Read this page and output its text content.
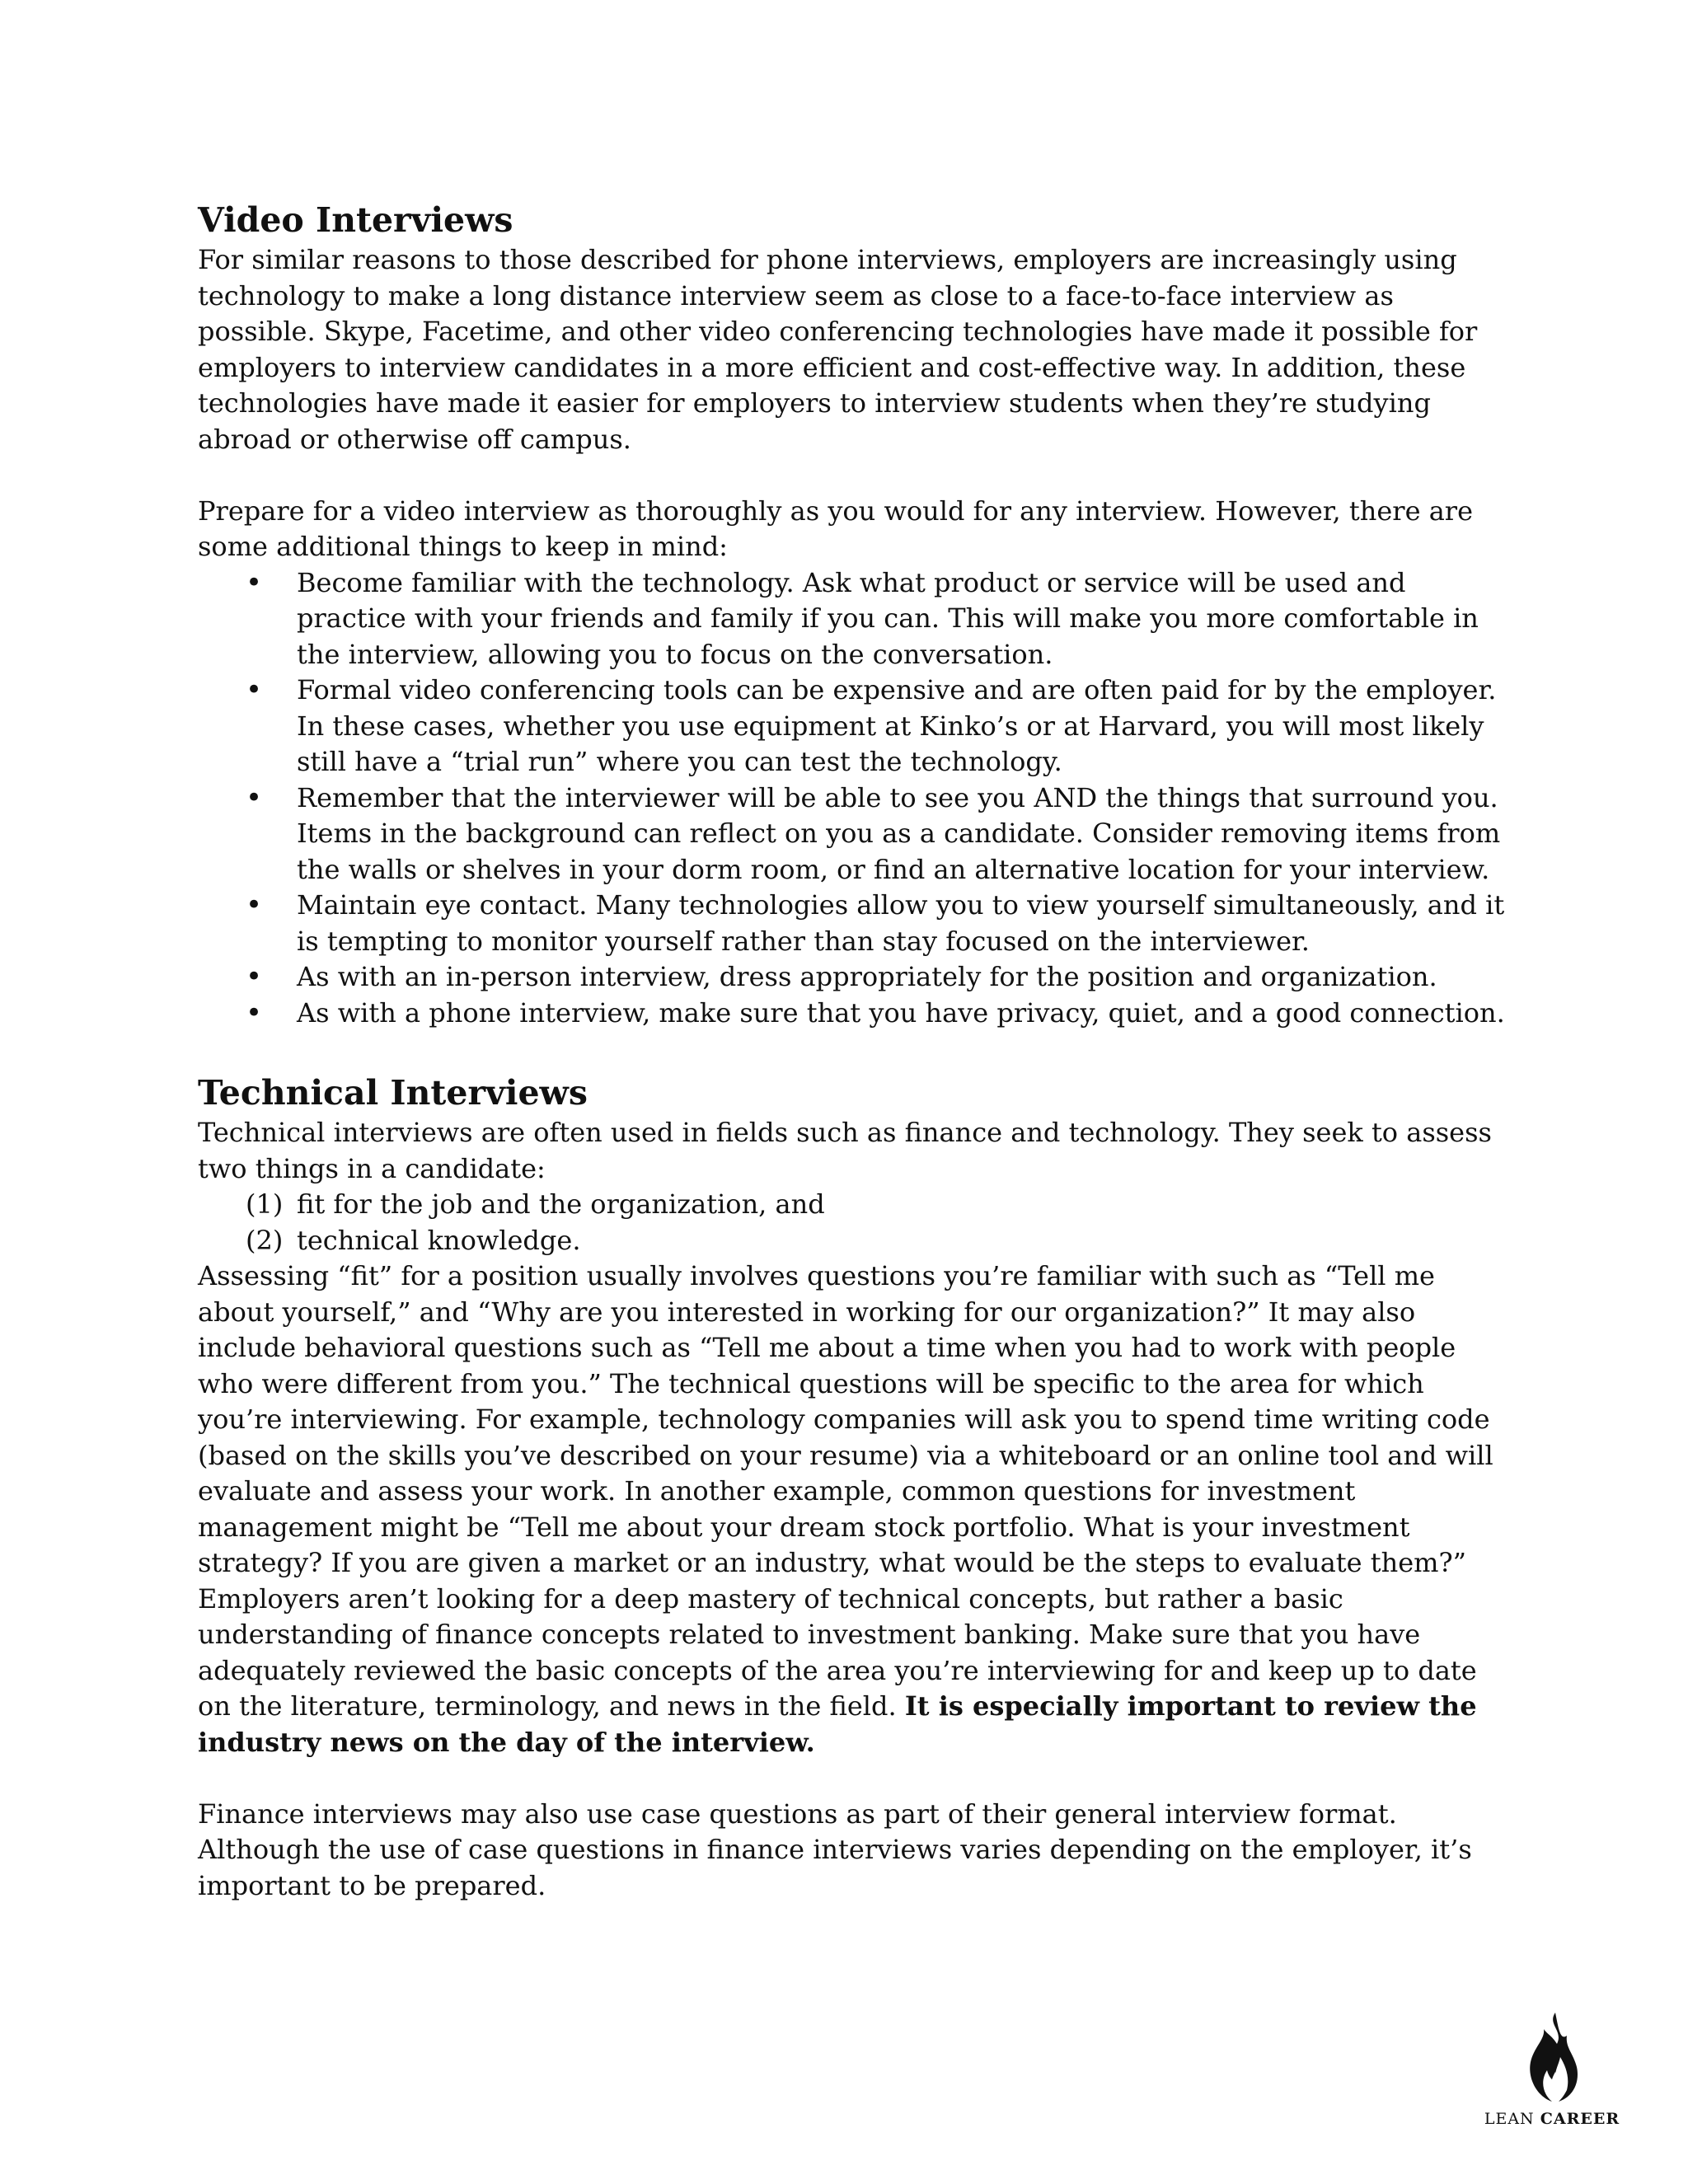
Video Interviews

For similar reasons to those described for phone interviews, employers are increasingly using technology to make a long distance interview seem as close to a face-to-face interview as possible. Skype, Facetime, and other video conferencing technologies have made it possible for employers to interview candidates in a more efficient and cost-effective way. In addition, these technologies have made it easier for employers to interview students when they’re studying abroad or otherwise off campus.

Prepare for a video interview as thoroughly as you would for any interview. However, there are some additional things to keep in mind:

• Become familiar with the technology. Ask what product or service will be used and practice with your friends and family if you can. This will make you more comfortable in the interview, allowing you to focus on the conversation.
• Formal video conferencing tools can be expensive and are often paid for by the employer. In these cases, whether you use equipment at Kinko’s or at Harvard, you will most likely still have a “trial run” where you can test the technology.
• Remember that the interviewer will be able to see you AND the things that surround you. Items in the background can reflect on you as a candidate. Consider removing items from the walls or shelves in your dorm room, or find an alternative location for your interview.
• Maintain eye contact. Many technologies allow you to view yourself simultaneously, and it is tempting to monitor yourself rather than stay focused on the interviewer.
• As with an in-person interview, dress appropriately for the position and organization.
• As with a phone interview, make sure that you have privacy, quiet, and a good connection.
Technical Interviews

Technical interviews are often used in fields such as finance and technology. They seek to assess two things in a candidate:

(1) fit for the job and the organization, and
(2) technical knowledge.

Assessing “fit” for a position usually involves questions you’re familiar with such as “Tell me about yourself,” and “Why are you interested in working for our organization?” It may also include behavioral questions such as “Tell me about a time when you had to work with people who were different from you.” The technical questions will be specific to the area for which you’re interviewing. For example, technology companies will ask you to spend time writing code (based on the skills you’ve described on your resume) via a whiteboard or an online tool and will evaluate and assess your work. In another example, common questions for investment management might be “Tell me about your dream stock portfolio. What is your investment strategy? If you are given a market or an industry, what would be the steps to evaluate them?” Employers aren’t looking for a deep mastery of technical concepts, but rather a basic understanding of finance concepts related to investment banking. Make sure that you have adequately reviewed the basic concepts of the area you’re interviewing for and keep up to date on the literature, terminology, and news in the field. It is especially important to review the industry news on the day of the interview.

Finance interviews may also use case questions as part of their general interview format. Although the use of case questions in finance interviews varies depending on the employer, it’s important to be prepared.

LEAN CAREER
